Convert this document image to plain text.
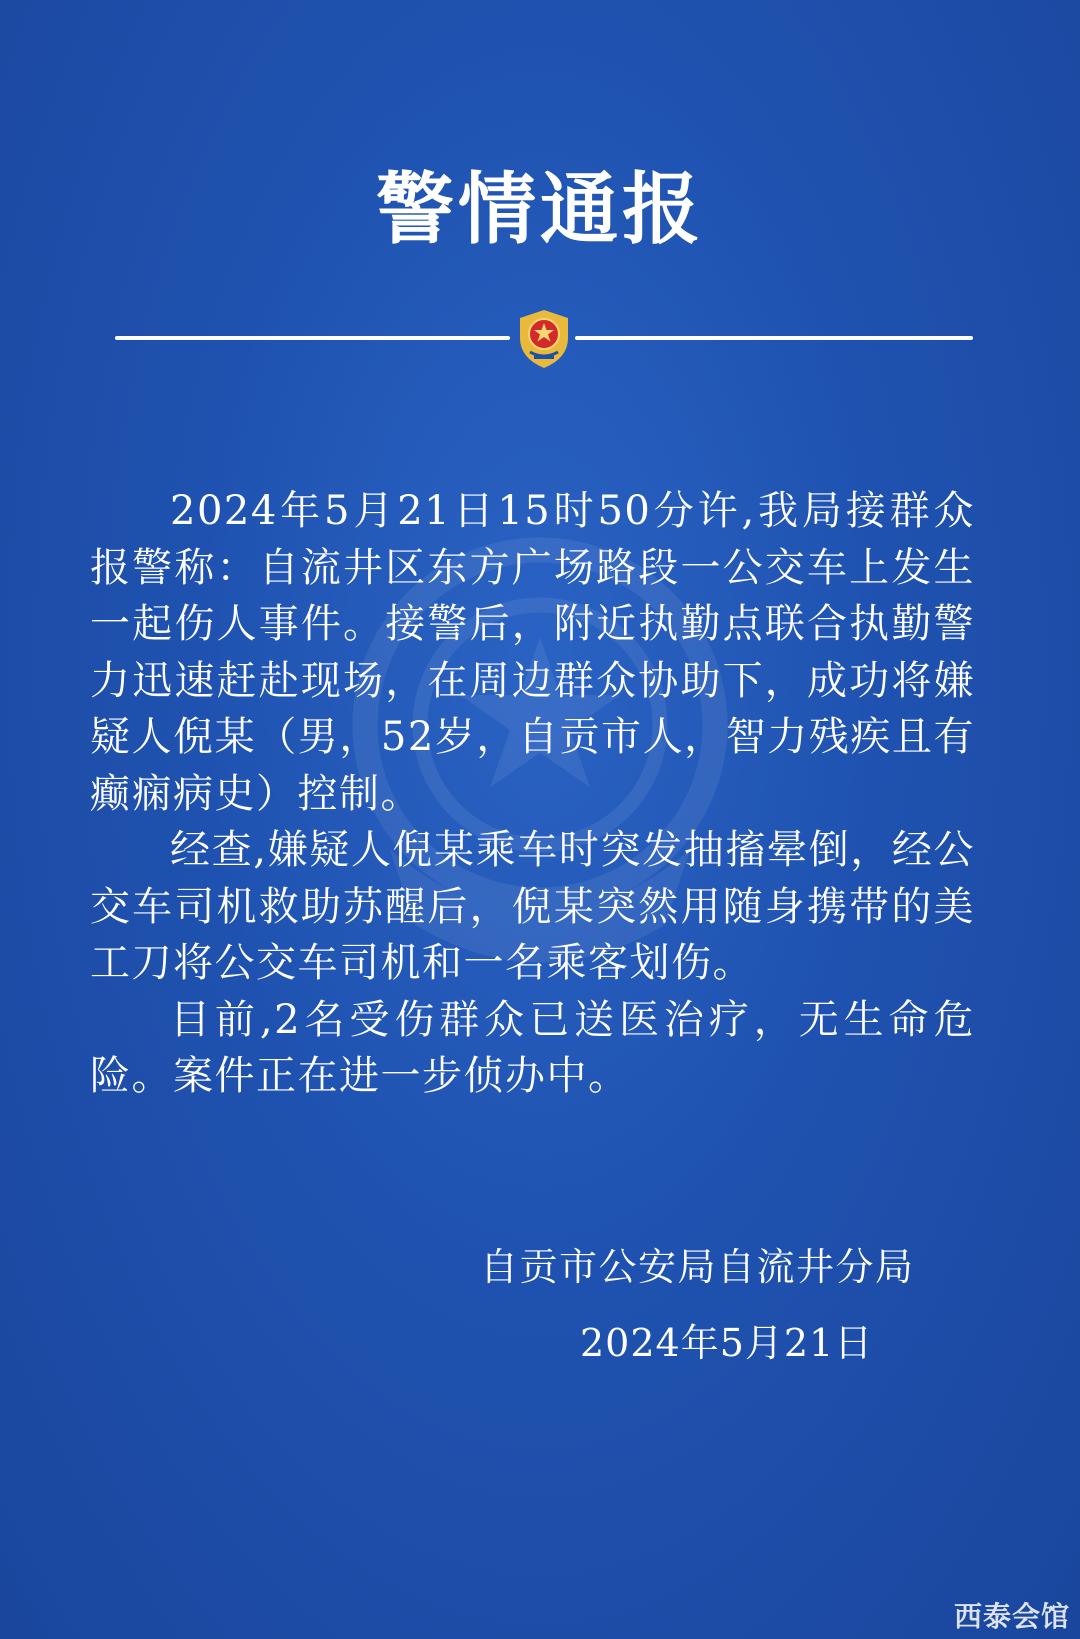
警情通报

2024年5月21日15时50分许,我局接群众报警称：自流井区东方广场路段一公交车上发生一起伤人事件。接警后，附近执勤点联合执勤警力迅速赶赴现场，在周边群众协助下，成功将嫌疑人倪某（男，52岁，自贡市人，智力残疾且有癫痫病史）控制。

经查,嫌疑人倪某乘车时突发抽搐晕倒，经公交车司机救助苏醒后，倪某突然用随身携带的美工刀将公交车司机和一名乘客划伤。

目前,2名受伤群众已送医治疗，无生命危险。案件正在进一步侦办中。

自贡市公安局自流井分局
2024年5月21日
西泰会馆
